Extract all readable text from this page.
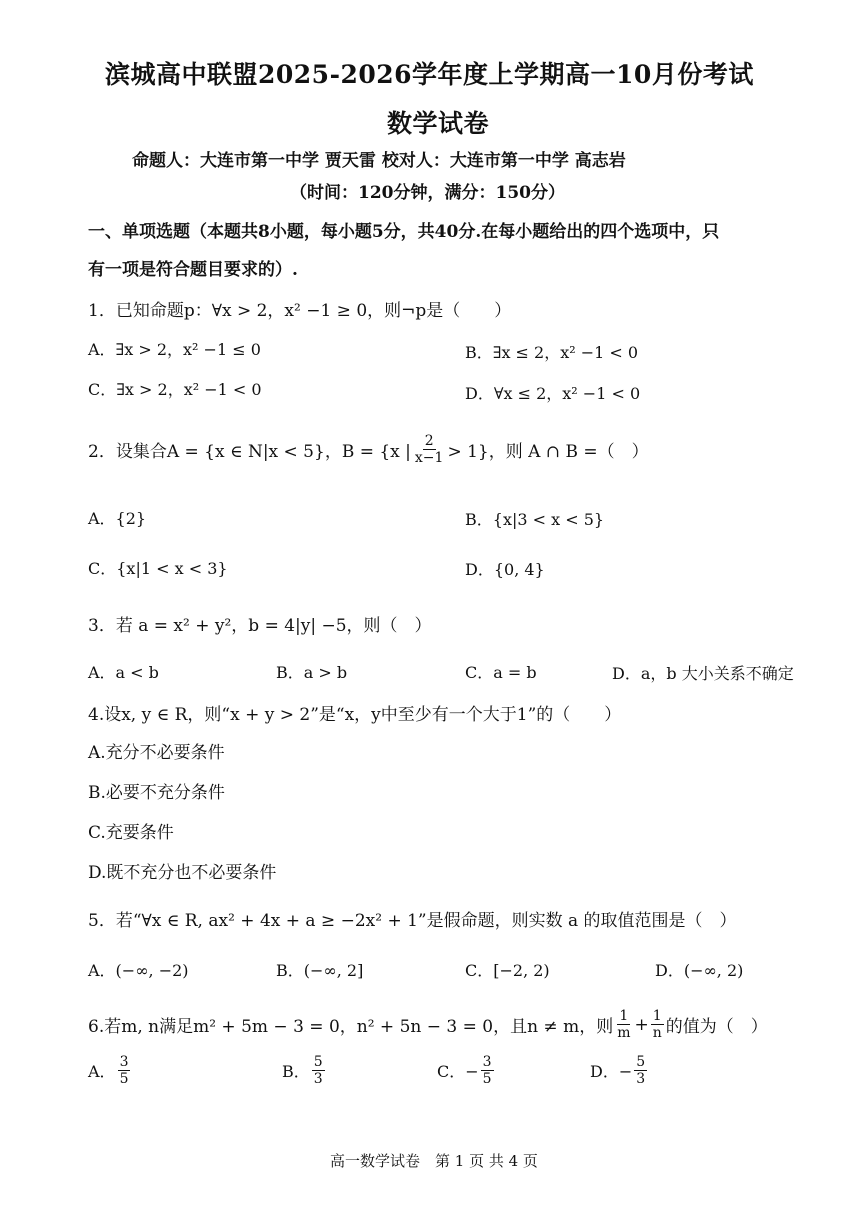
滨城高中联盟2025-2026学年度上学期高一10月份考试
数学试卷
命题人：大连市第一中学 贾天雷 校对人：大连市第一中学 高志岩
（时间：120分钟，满分：150分）
一、单项选题（本题共8小题，每小题5分，共40分.在每小题给出的四个选项中，只
有一项是符合题目要求的）.
1．已知命题p：∀x > 2，x² −1 ≥ 0，则¬p是（　　）
A．∃x > 2，x² −1 ≤ 0	B．∃x ≤ 2，x² −1 < 0
C．∃x > 2，x² −1 < 0	D．∀x ≤ 2，x² −1 < 0
2．设集合A = {x ∈ N|x < 5}，B = {x | $\frac{2}{x-1} > 1$}，则 A ∩ B =（　）
A．{2}	B．{x|3 < x < 5}
C．{x|1 < x < 3}	D．{0, 4}
3．若 a = x² + y²，b = 4|y| −5，则（　）
A．a < b	B．a > b	C．a = b	D．a，b 大小关系不确定
4.设x, y ∈ R，则“x + y > 2”是“x，y中至少有一个大于1”的（　　）
A.充分不必要条件
B.必要不充分条件
C.充要条件
D.既不充分也不必要条件
5．若“∀x ∈ R, ax² + 4x + a ≥ −2x² + 1”是假命题，则实数 a 的取值范围是（　）
A．(−∞, −2)	B．(−∞, 2]	C．[−2, 2)	D．(−∞, 2)
6.若m, n满足m² + 5m − 3 = 0，n² + 5n − 3 = 0，且n ≠ m，则 $\frac{1}{m} + \frac{1}{n}$ 的值为（　）
A． $\frac{3}{5}$	B． $\frac{5}{3}$	C．− $\frac{3}{5}$	D．− $\frac{5}{3}$
高一数学试卷　第 1 页 共 4 页
